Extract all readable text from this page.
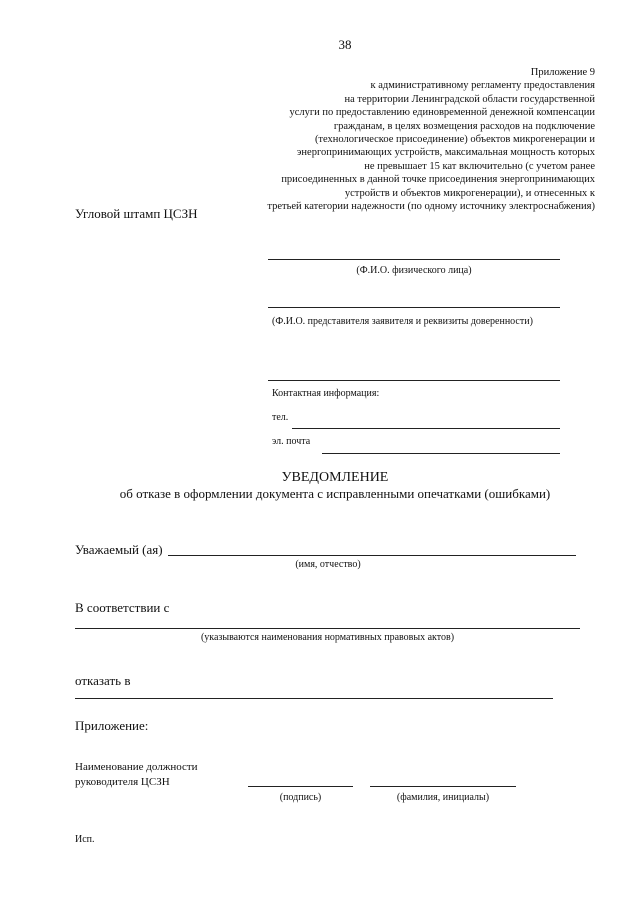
38
Приложение 9
к административному регламенту предоставления
на территории Ленинградской области государственной
услуги по предоставлению единовременной денежной компенсации
гражданам, в целях возмещения расходов на подключение
(технологическое присоединение) объектов микрогенерации и
энергопринимающих устройств, максимальная мощность которых
не превышает 15 кат включительно (с учетом ранее
присоединенных в данной точке присоединения энергопринимающих
устройств и объектов микрогенерации), и отнесенных к
третьей категории надежности (по одному источнику электроснабжения)
Угловой штамп ЦСЗН
(Ф.И.О. физического лица)
(Ф.И.О. представителя заявителя и реквизиты доверенности)
Контактная информация:
тел.
эл. почта
УВЕДОМЛЕНИЕ
об отказе в оформлении документа с исправленными опечатками (ошибками)
Уважаемый (ая)
(имя, отчество)
В соответствии с
(указываются наименования нормативных правовых актов)
отказать в
Приложение:
Наименование должности
руководителя ЦСЗН
(подпись)	(фамилия, инициалы)
Исп.
